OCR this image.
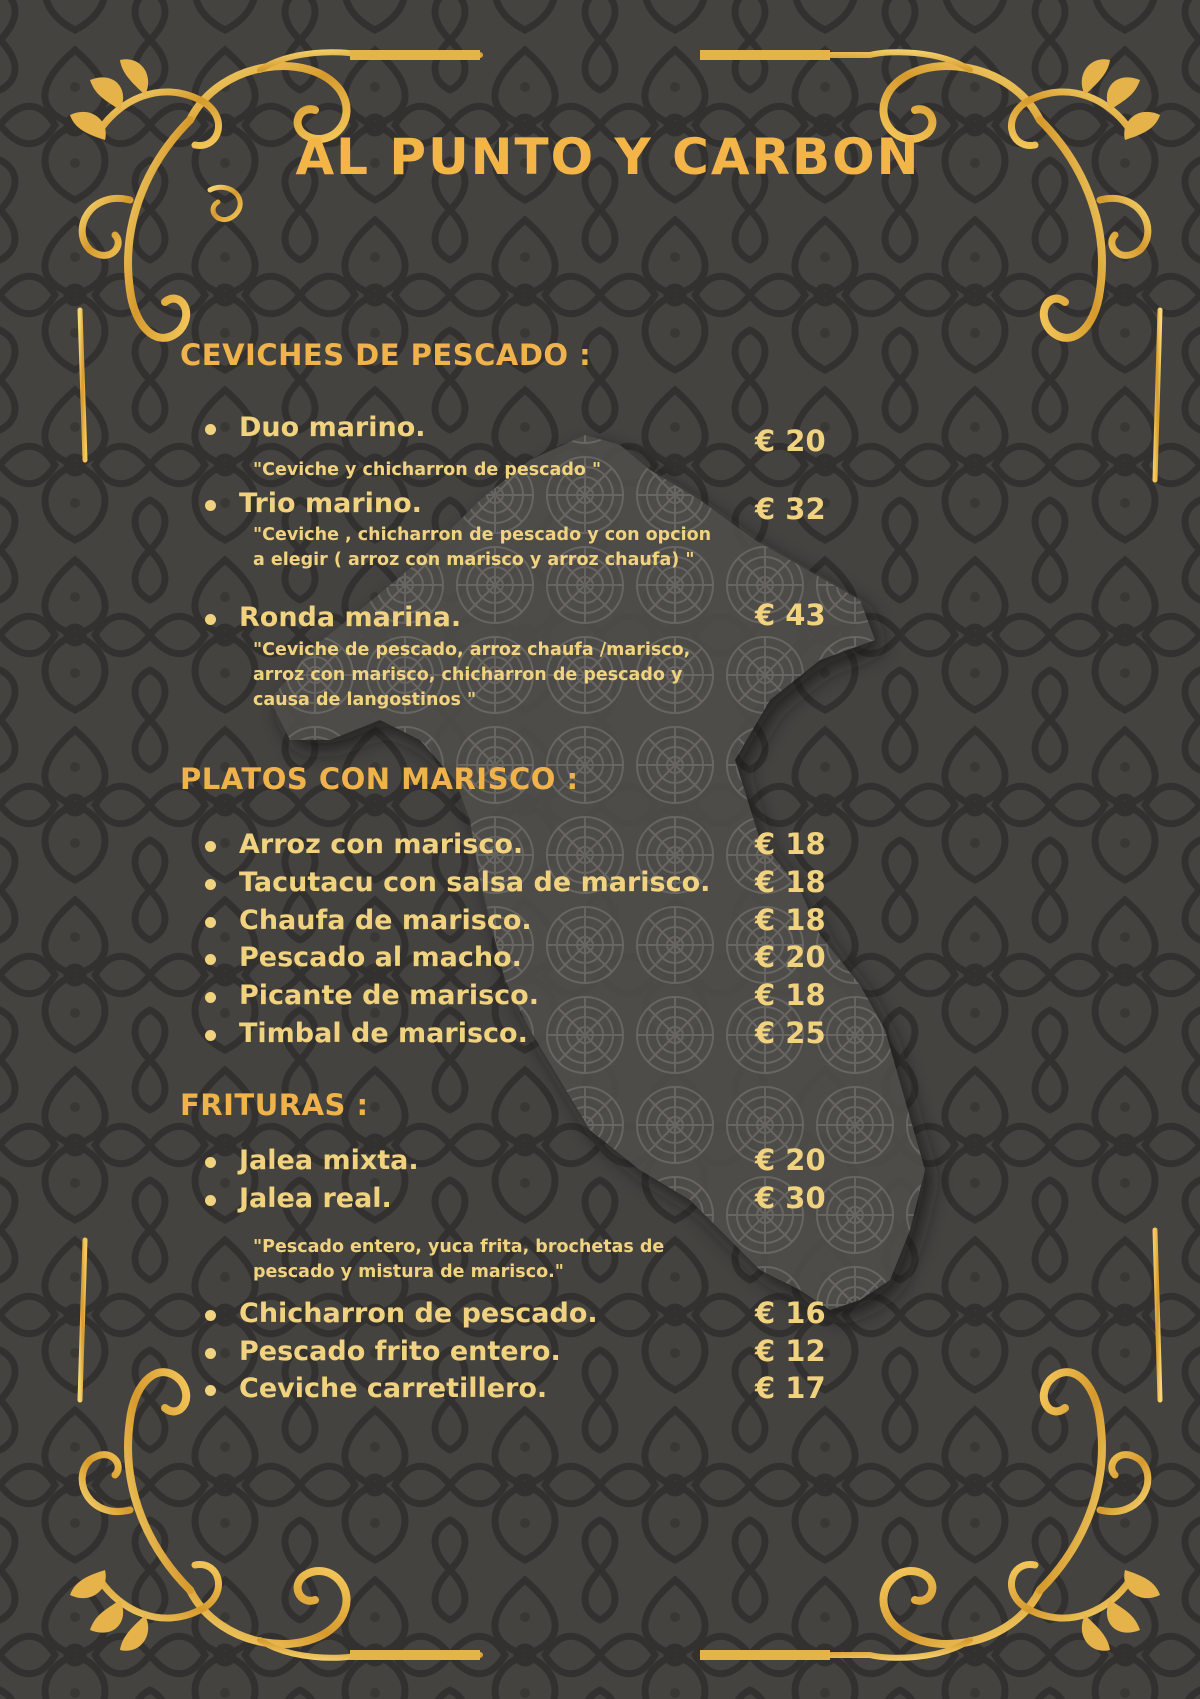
AL PUNTO Y CARBON
CEVICHES DE PESCADO :
Duo marino.	€ 20
"Ceviche y chicharron de pescado "
Trio marino.	€ 32
"Ceviche , chicharron de pescado y con opcion a elegir ( arroz con marisco y arroz chaufa) "
Ronda marina.	€ 43
"Ceviche de pescado, arroz chaufa /marisco, arroz con marisco, chicharron de pescado y causa de langostinos "
PLATOS CON MARISCO :
Arroz con marisco.	€ 18
Tacutacu con salsa de marisco. € 18
Chaufa de marisco.	€ 18
Pescado al macho.	€ 20
Picante de marisco.	€ 18
Timbal de marisco.	€ 25
FRITURAS :
Jalea mixta.	€ 20
Jalea real.	€ 30
"Pescado entero, yuca frita, brochetas de pescado y mistura de marisco."
Chicharron de pescado.	€ 16
Pescado frito entero.	€ 12
Ceviche carretillero.	€ 17
